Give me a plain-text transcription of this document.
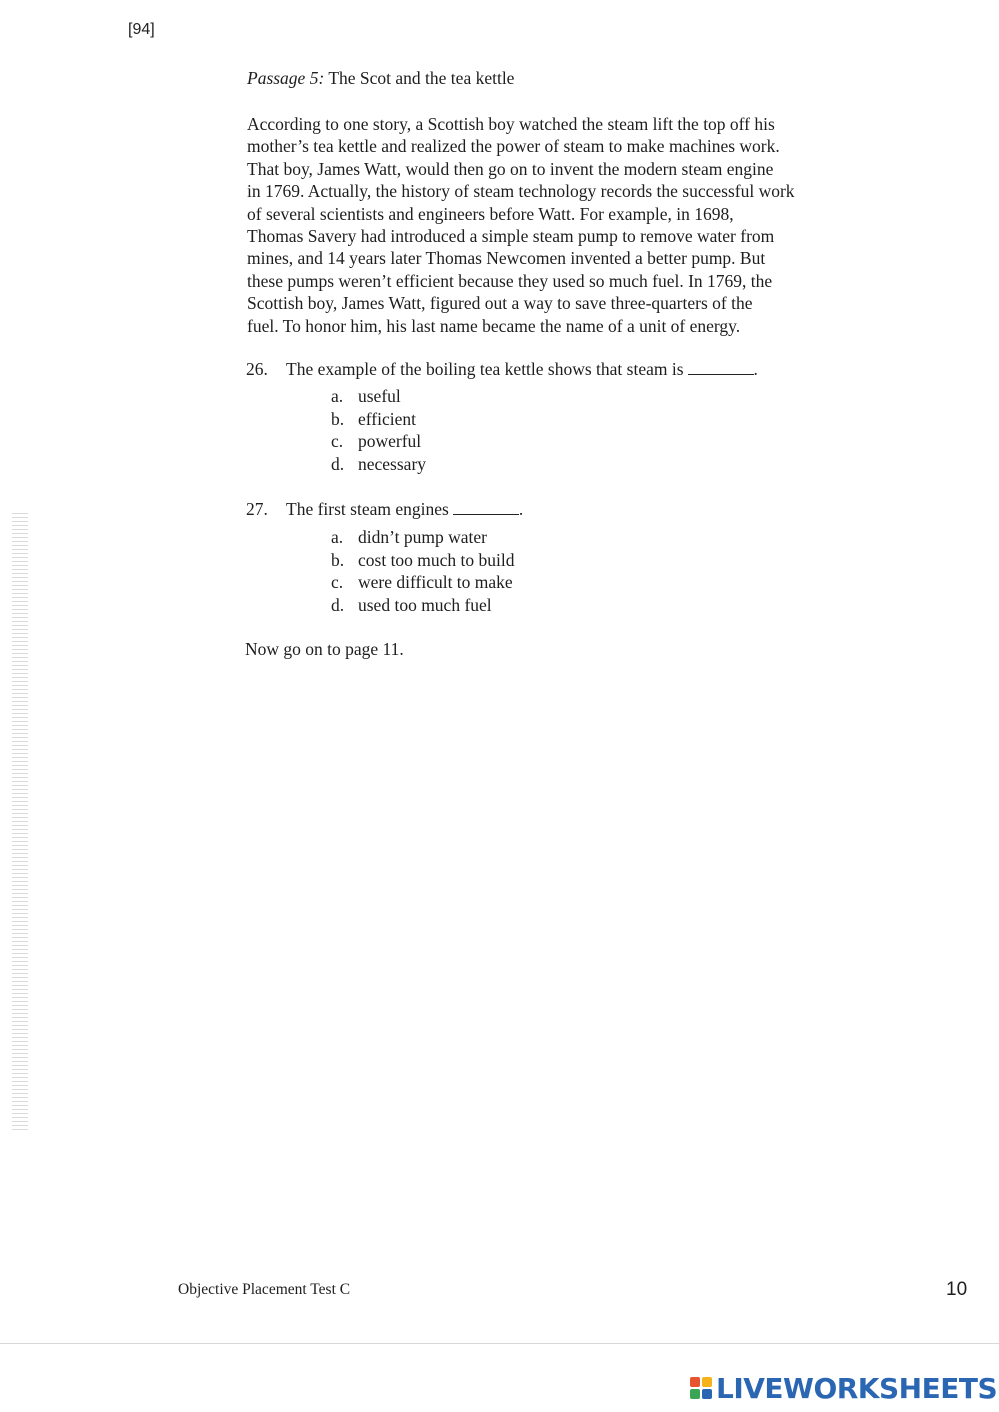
[94]
Passage 5: The Scot and the tea kettle
According to one story, a Scottish boy watched the steam lift the top off his
mother’s tea kettle and realized the power of steam to make machines work.
That boy, James Watt, would then go on to invent the modern steam engine
in 1769. Actually, the history of steam technology records the successful work
of several scientists and engineers before Watt. For example, in 1698,
Thomas Savery had introduced a simple steam pump to remove water from
mines, and 14 years later Thomas Newcomen invented a better pump. But
these pumps weren’t efficient because they used so much fuel. In 1769, the
Scottish boy, James Watt, figured out a way to save three-quarters of the
fuel. To honor him, his last name became the name of a unit of energy.
26. The example of the boiling tea kettle shows that steam is	.
a. useful
b. efficient
c. powerful
d. necessary
27. The first steam engines	.
a. didn’t pump water
b. cost too much to build
c. were difficult to make
d. used too much fuel
Now go on to page 11.
Objective Placement Test C	10
LIVEWORKSHEETS
